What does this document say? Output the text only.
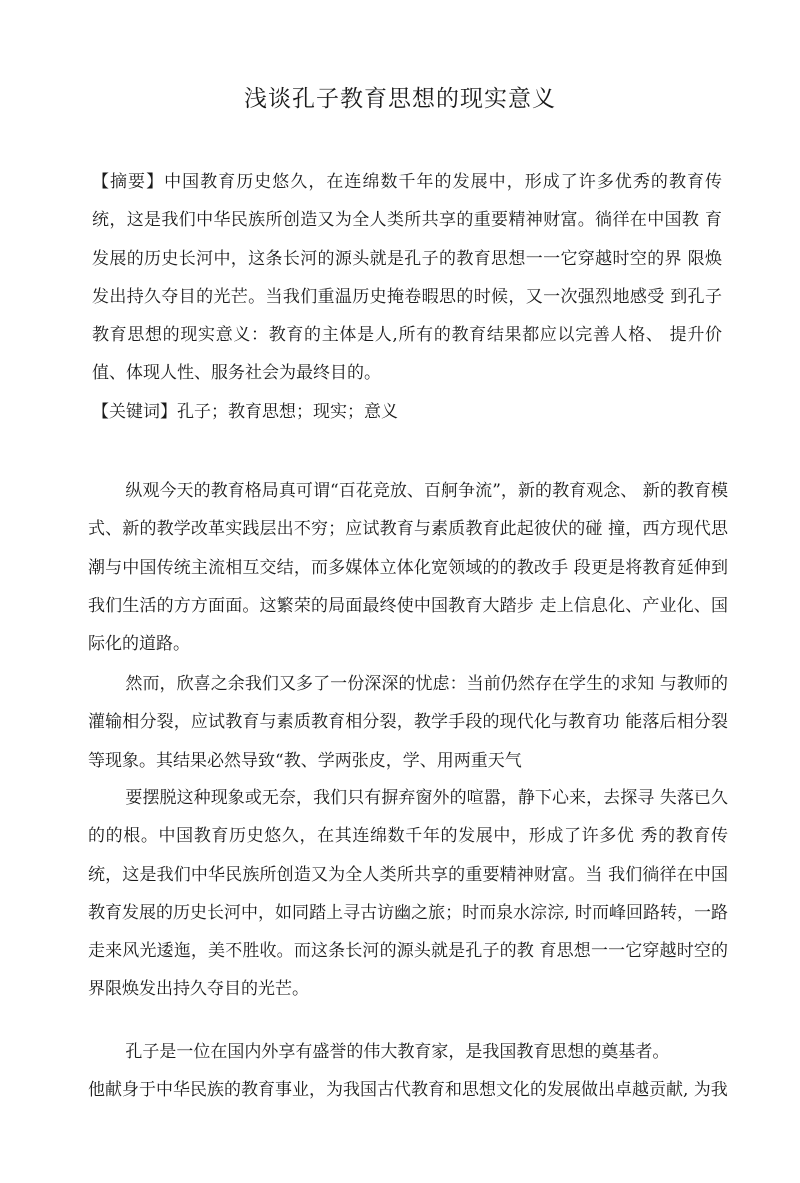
浅谈孔子教育思想的现实意义

【摘要】中国教育历史悠久，在连绵数千年的发展中，形成了许多优秀的教育传 统，这是我们中华民族所创造又为全人类所共享的重要精神财富。徜徉在中国教 育发展的历史长河中，这条长河的源头就是孔子的教育思想一一它穿越时空的界 限焕发出持久夺目的光芒。当我们重温历史掩卷暇思的时候，又一次强烈地感受 到孔子教育思想的现实意义：教育的主体是人,所有的教育结果都应以完善人格、 提升价值、体现人性、服务社会为最终目的。

【关键词】孔子；教育思想；现实；意义

纵观今天的教育格局真可谓“百花竞放、百舸争流”，新的教育观念、 新的教育模式、新的教学改革实践层出不穷；应试教育与素质教育此起彼伏的碰 撞，西方现代思潮与中国传统主流相互交结，而多媒体立体化宽领域的的教改手 段更是将教育延伸到我们生活的方方面面。这繁荣的局面最终使中国教育大踏步 走上信息化、产业化、国际化的道路。

然而，欣喜之余我们又多了一份深深的忧虑：当前仍然存在学生的求知 与教师的灌输相分裂，应试教育与素质教育相分裂，教学手段的现代化与教育功 能落后相分裂等现象。其结果必然导致“教、学两张皮，学、用两重天气

要摆脱这种现象或无奈，我们只有摒弃窗外的喧嚣，静下心来，去探寻 失落已久的的根。中国教育历史悠久，在其连绵数千年的发展中，形成了许多优 秀的教育传统，这是我们中华民族所创造又为全人类所共享的重要精神财富。当 我们徜徉在中国教育发展的历史长河中，如同踏上寻古访幽之旅；时而泉水淙淙, 时而峰回路转，一路走来风光逶迤，美不胜收。而这条长河的源头就是孔子的教 育思想一一它穿越时空的界限焕发出持久夺目的光芒。

孔子是一位在国内外享有盛誉的伟大教育家，是我国教育思想的奠基者。
他献身于中华民族的教育事业，为我国古代教育和思想文化的发展做出卓越贡献, 为我
